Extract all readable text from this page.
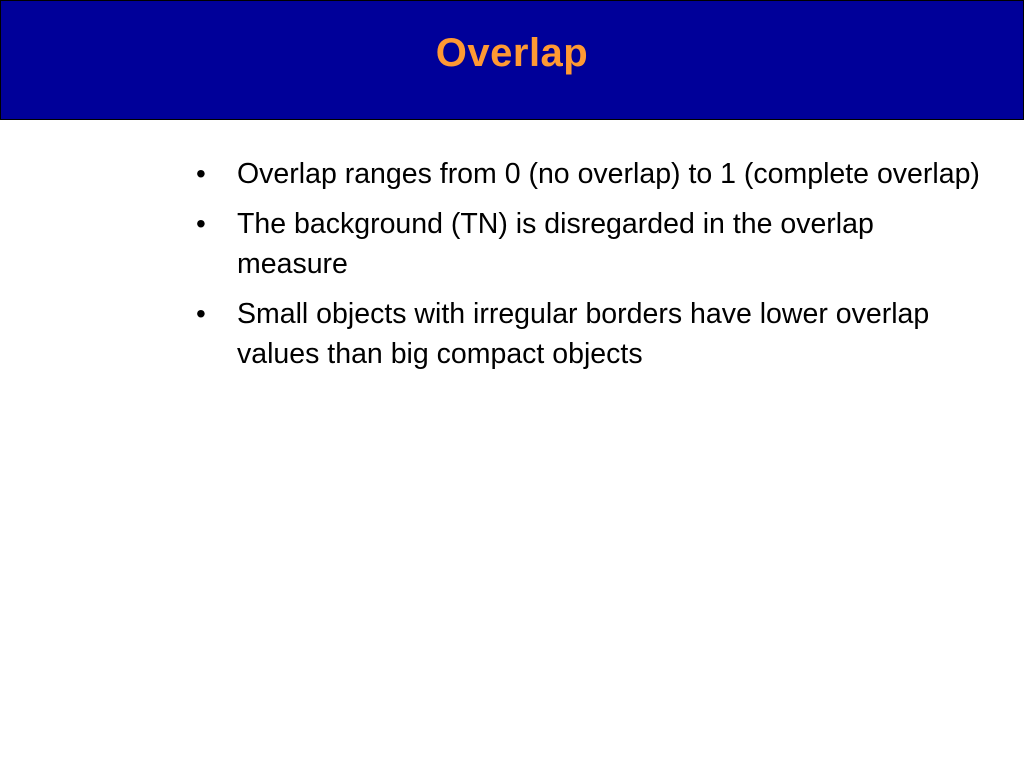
Overlap
• Overlap ranges from 0 (no overlap) to 1 (complete overlap)
• The background (TN) is disregarded in the overlap measure
• Small objects with irregular borders have lower overlap values than big compact objects
